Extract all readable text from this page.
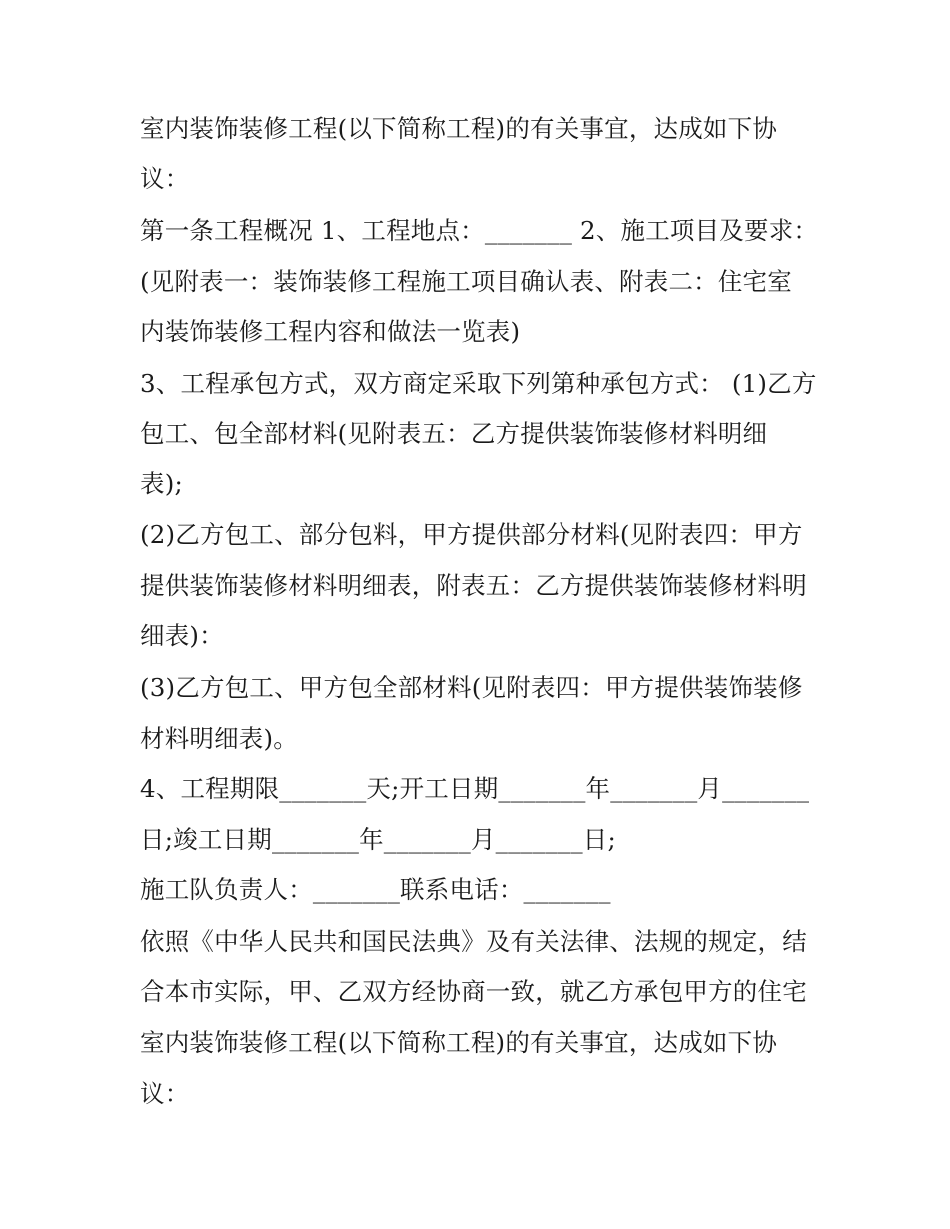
室内装饰装修工程(以下简称工程)的有关事宜，达成如下协
议：
第一条工程概况 1、工程地点：_______ 2、施工项目及要求：
(见附表一：装饰装修工程施工项目确认表、附表二：住宅室
内装饰装修工程内容和做法一览表)
3、工程承包方式，双方商定采取下列第种承包方式： (1)乙方
包工、包全部材料(见附表五：乙方提供装饰装修材料明细
表);
(2)乙方包工、部分包料，甲方提供部分材料(见附表四：甲方
提供装饰装修材料明细表，附表五：乙方提供装饰装修材料明
细表)：
(3)乙方包工、甲方包全部材料(见附表四：甲方提供装饰装修
材料明细表)。
4、工程期限_______天;开工日期_______年_______月_______
日;竣工日期_______年_______月_______日;
施工队负责人：_______联系电话：_______
依照《中华人民共和国民法典》及有关法律、法规的规定，结
合本市实际，甲、乙双方经协商一致，就乙方承包甲方的住宅
室内装饰装修工程(以下简称工程)的有关事宜，达成如下协
议：
